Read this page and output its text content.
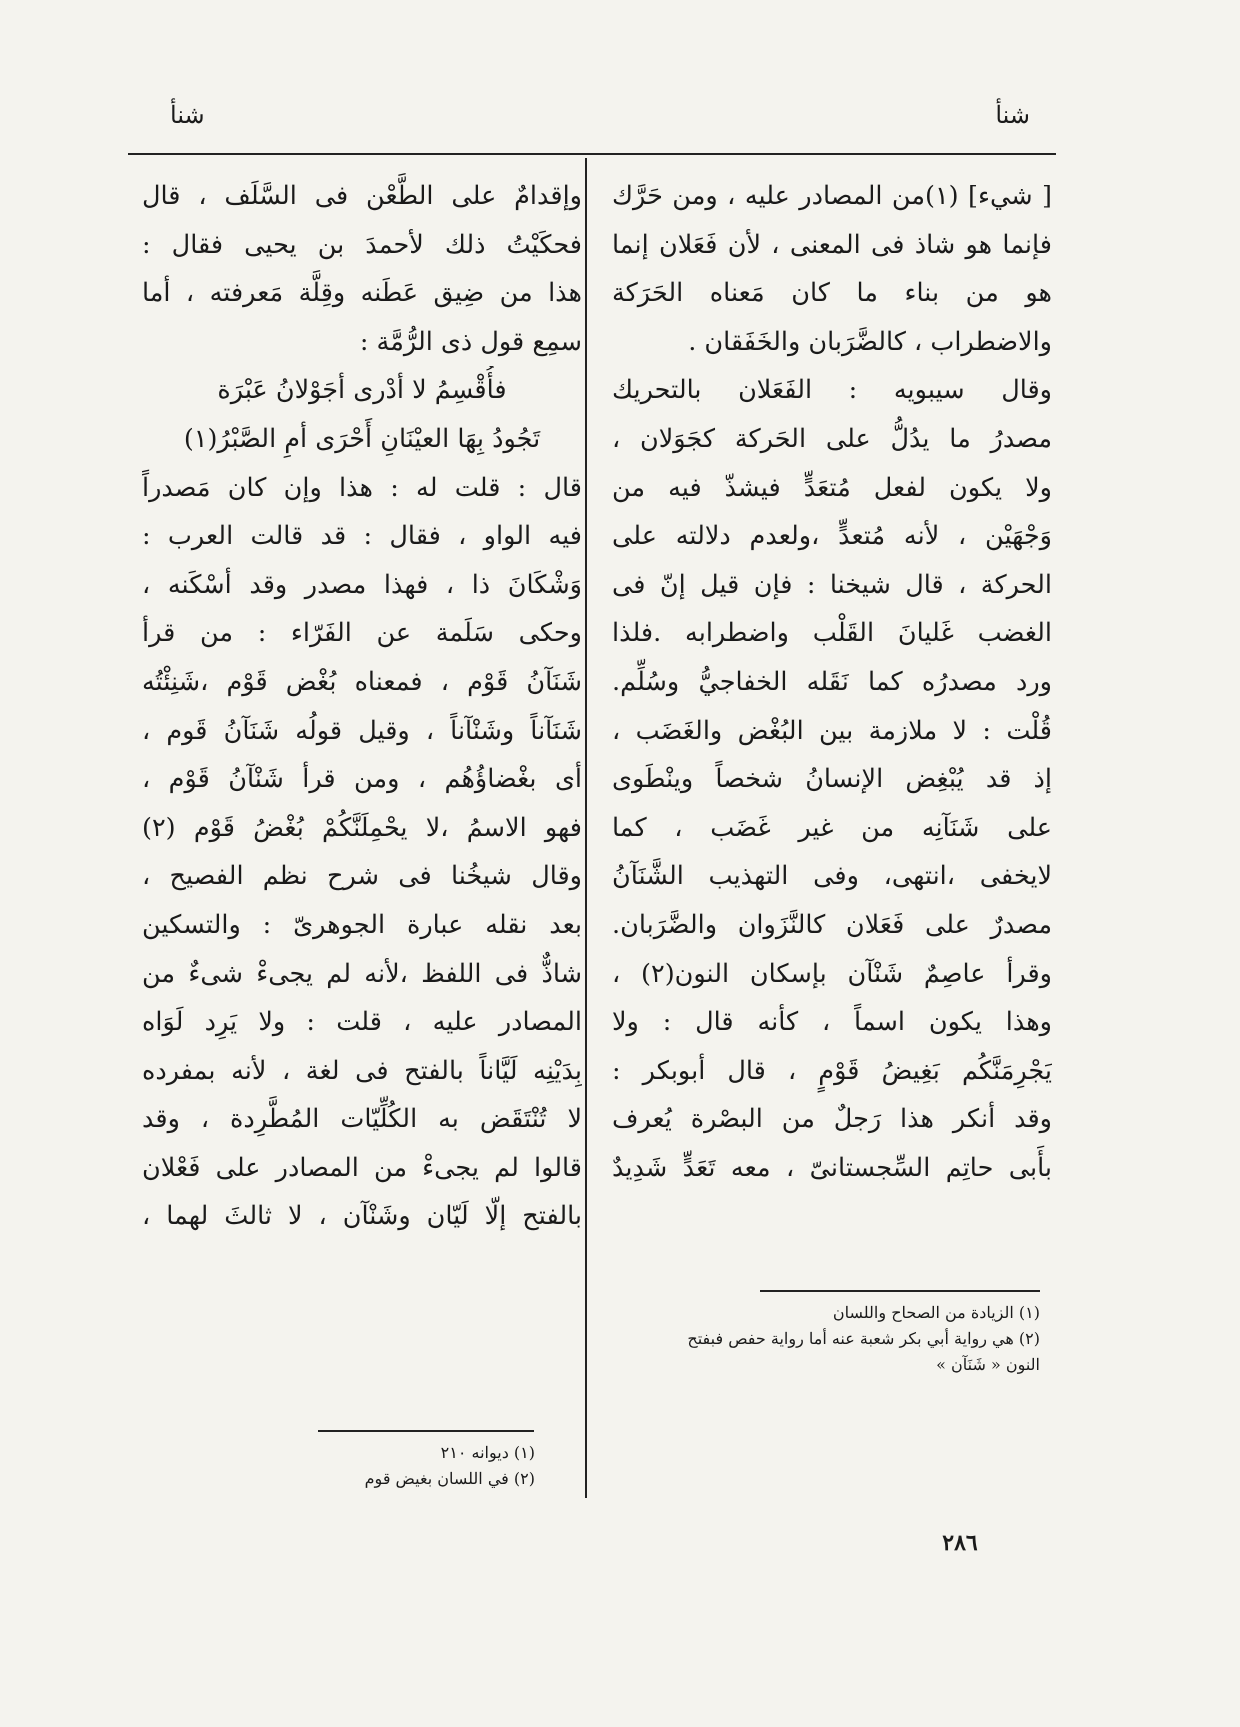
شنأ
شنأ
[ شيء] (١)من المصادر عليه ، ومن حَرَّك
فإنما هو شاذ فى المعنى ، لأن فَعَلان إنما
هو من بناء ما كان مَعناه الحَرَكة
والاضطراب ، كالضَّرَبان والخَفَقان .
وقال سيبويه : الفَعَلان بالتحريك
مصدرُ ما يدُلُّ على الحَركة كجَوَلان ،
ولا يكون لفعل مُتعَدٍّ فيشذّ فيه من
وَجْهَيْن ، لأنه مُتعدٍّ ،ولعدم دلالته على
الحركة ، قال شيخنا : فإن قيل إنّ فى
الغضب غَليانَ القَلْب واضطرابه .فلذا
ورد مصدرُه كما نَقَله الخفاجيُّ وسُلِّم.
قُلْت : لا ملازمة بين البُغْض والغَضَب ،
إذ قد يُبْغِض الإنسانُ شخصاً وينْطَوى
على شَنَآنِه من غير غَضَب ، كما
لايخفى ،انتهى، وفى التهذيب الشَّنَآنُ
مصدرٌ على فَعَلان كالنَّزَوان والضَّرَبان.
وقرأ عاصِمٌ شَنْآن بإسكان النون(٢) ،
وهذا يكون اسماً ، كأنه قال : ولا
يَجْرِمَنَّكُم بَغِيضُ قَوْمٍ ، قال أبوبكر :
وقد أنكر هذا رَجلٌ من البصْرة يُعرف
بأَبى حاتِم السِّجستانىّ ، معه تَعَدٍّ شَدِيدٌ
وإقدامٌ على الطَّعْن فى السَّلَف ، قال
فحكَيْتُ ذلك لأحمدَ بن يحيى فقال :
هذا من ضِيق عَطَنه وقِلَّة مَعرفته ، أما
سمِع قول ذى الرُّمَّة :
فأُقْسِمُ لا أدْرى أجَوْلانُ عَبْرَة
تَجُودُ بِهَا العيْنَانِ أَحْرَى أمِ الصَّبْرُ(١)
قال : قلت له : هذا وإن كان مَصدراً
فيه الواو ، فقال : قد قالت العرب :
وَشْكَانَ ذا ، فهذا مصدر وقد أسْكَنه ،
وحكى سَلَمة عن الفَرّاء : من قرأ
شَنَآنُ قَوْم ، فمعناه بُغْض قَوْم ،شَنِئْتُه
شَنَآناً وشَنْآناً ، وقيل قولُه شَنَآنُ قَوم ،
أى بغْضاؤُهُم ، ومن قرأ شَنْآنُ قَوْم ،
فهو الاسمُ ،لا يحْمِلَنَّكُمْ بُغْضُ قَوْم (٢)
وقال شيخُنا فى شرح نظم الفصيح ،
بعد نقله عبارة الجوهرىّ : والتسكين
شاذٌّ فى اللفظ ،لأنه لم يجىءْ شىءٌ من
المصادر عليه ، قلت : ولا يَرِد لَوَاه
بِدَيْنِه لَيَّاناً بالفتح فى لغة ، لأنه بمفرده
لا تُنْتَقَض به الكُلِّيّات المُطَّرِدة ، وقد
قالوا لم يجىءْ من المصادر على فَعْلان
بالفتح إلّا لَيّان وشَنْآن ، لا ثالثَ لهما ،
(١) الزيادة من الصحاح واللسان
(٢) هي رواية أبي بكر شعبة عنه أما رواية حفص فبفتح
النون « شَنَآن »
(١) ديوانه ٢١٠
(٢) في اللسان بغيض قوم
٢٨٦
